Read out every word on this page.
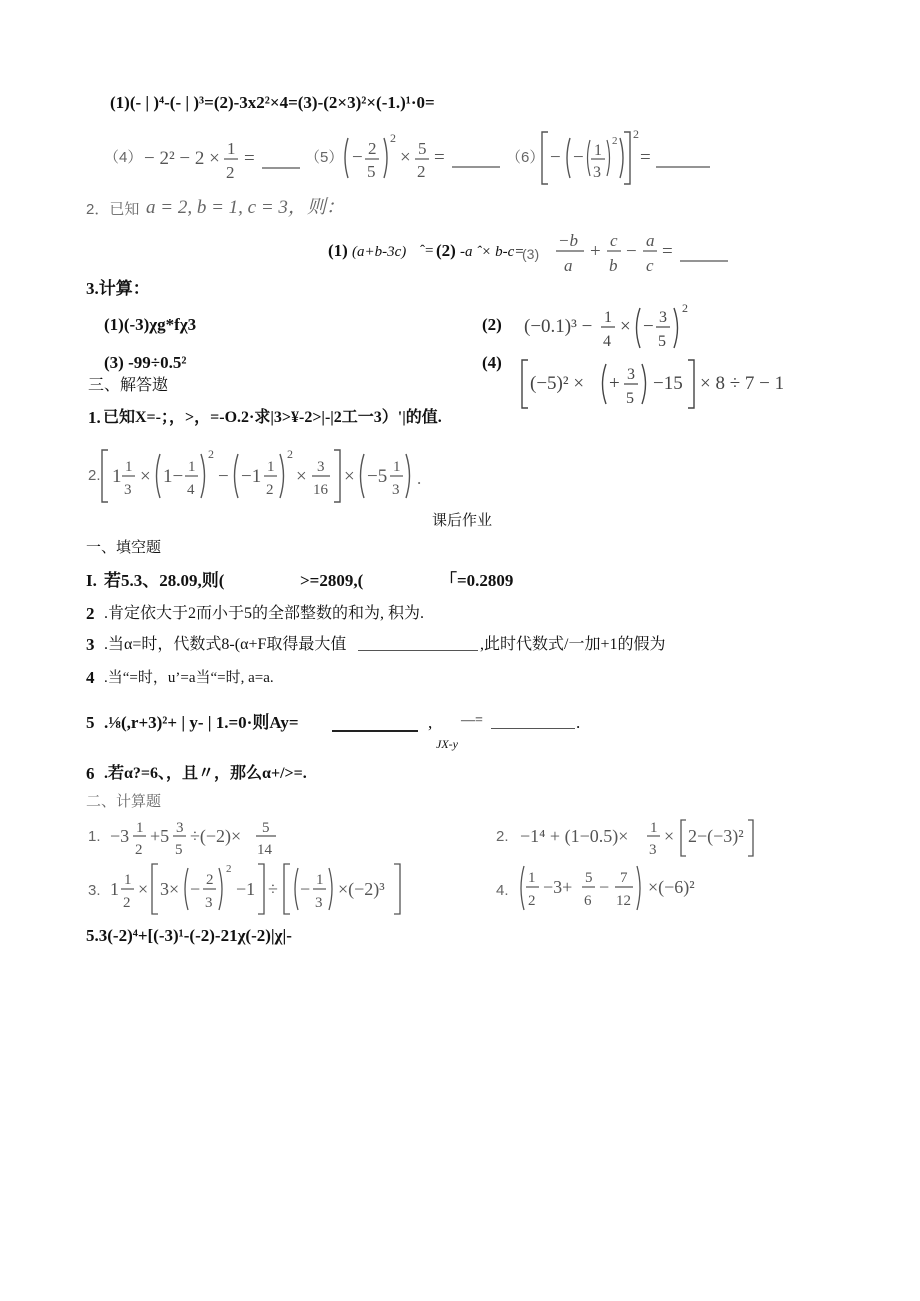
(1)(- | )⁴-(- | )³=(2)-3x2²×4=(3)-(2×3)²×(-1.)¹·0=
（4） − 2² − 2 × 1
2
=	（5） − 2
5
2
× 5
2
=	（6） − − 1
3
2 2
=
2．已知 a = 2, b = 1, c = 3，则：
(1) (a+b-3c) ˆ= (2) -a ˆ× b-c=
(3)
−b
a
+
c
b
−
a
c
=
3.计算：
(1)(-3)χg*fχ3	(2) (−0.1)³ − 1
4
× − 3
5
2
(3) -99÷0.5²	(4)
(−5)² × + 3
5
−15 × 8 ÷ 7 − 1
三、解答遨
1. 已知X=-；，>，=-O.2·求|3>¥-2>|-|2工一3）'|的值.
2. 1 1
3
× 1− 1
4
2
− −1 1
2
2
× 3
16
× −5 1
3
.
课后作业
一、填空题
I. 若5.3、28.09,则(	>=2809,(	「=0.2809
2 .肯定依大于2而小于5的全部整数的和为, 积为.
3 .当α=时，代数式8-(α+F取得最大值	,此时代数式/一加+1的假为
4 .当“=时，u’=a当“=时, a=a.
5 .⅛(,r+3)²+ | y- | 1.=0·则Ay=	, —=
JX-y
.
6 .若α?=6、，且〃，那么α+/>=.
二、计算题
1. −3 1
2
+5 3
5
÷(−2)× 5
14
2. −1⁴ + (1−0.5)× 1
3
× 2−(−3)²
3. 1 1
2
× 3× − 2
3
2
−1 ÷ − 1
3
×(−2)³	4.
1
2
−3+ 5
6
− 7
12
×(−6)²
5.3(-2)⁴+[(-3)¹-(-2)-21χ(-2)|χ|-
